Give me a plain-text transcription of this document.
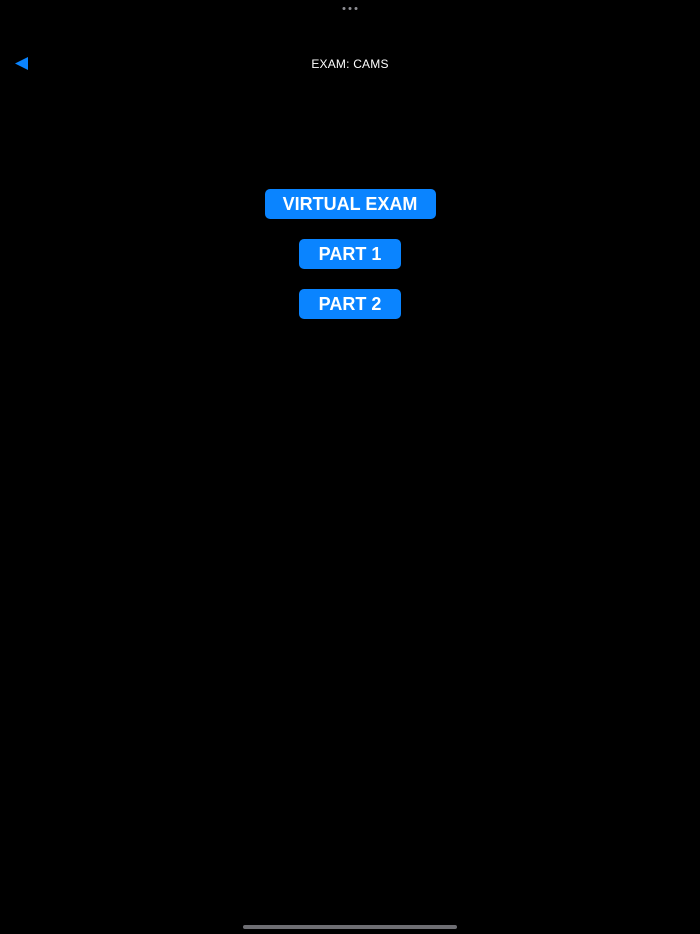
EXAM: CAMS
VIRTUAL EXAM
PART 1
PART 2
